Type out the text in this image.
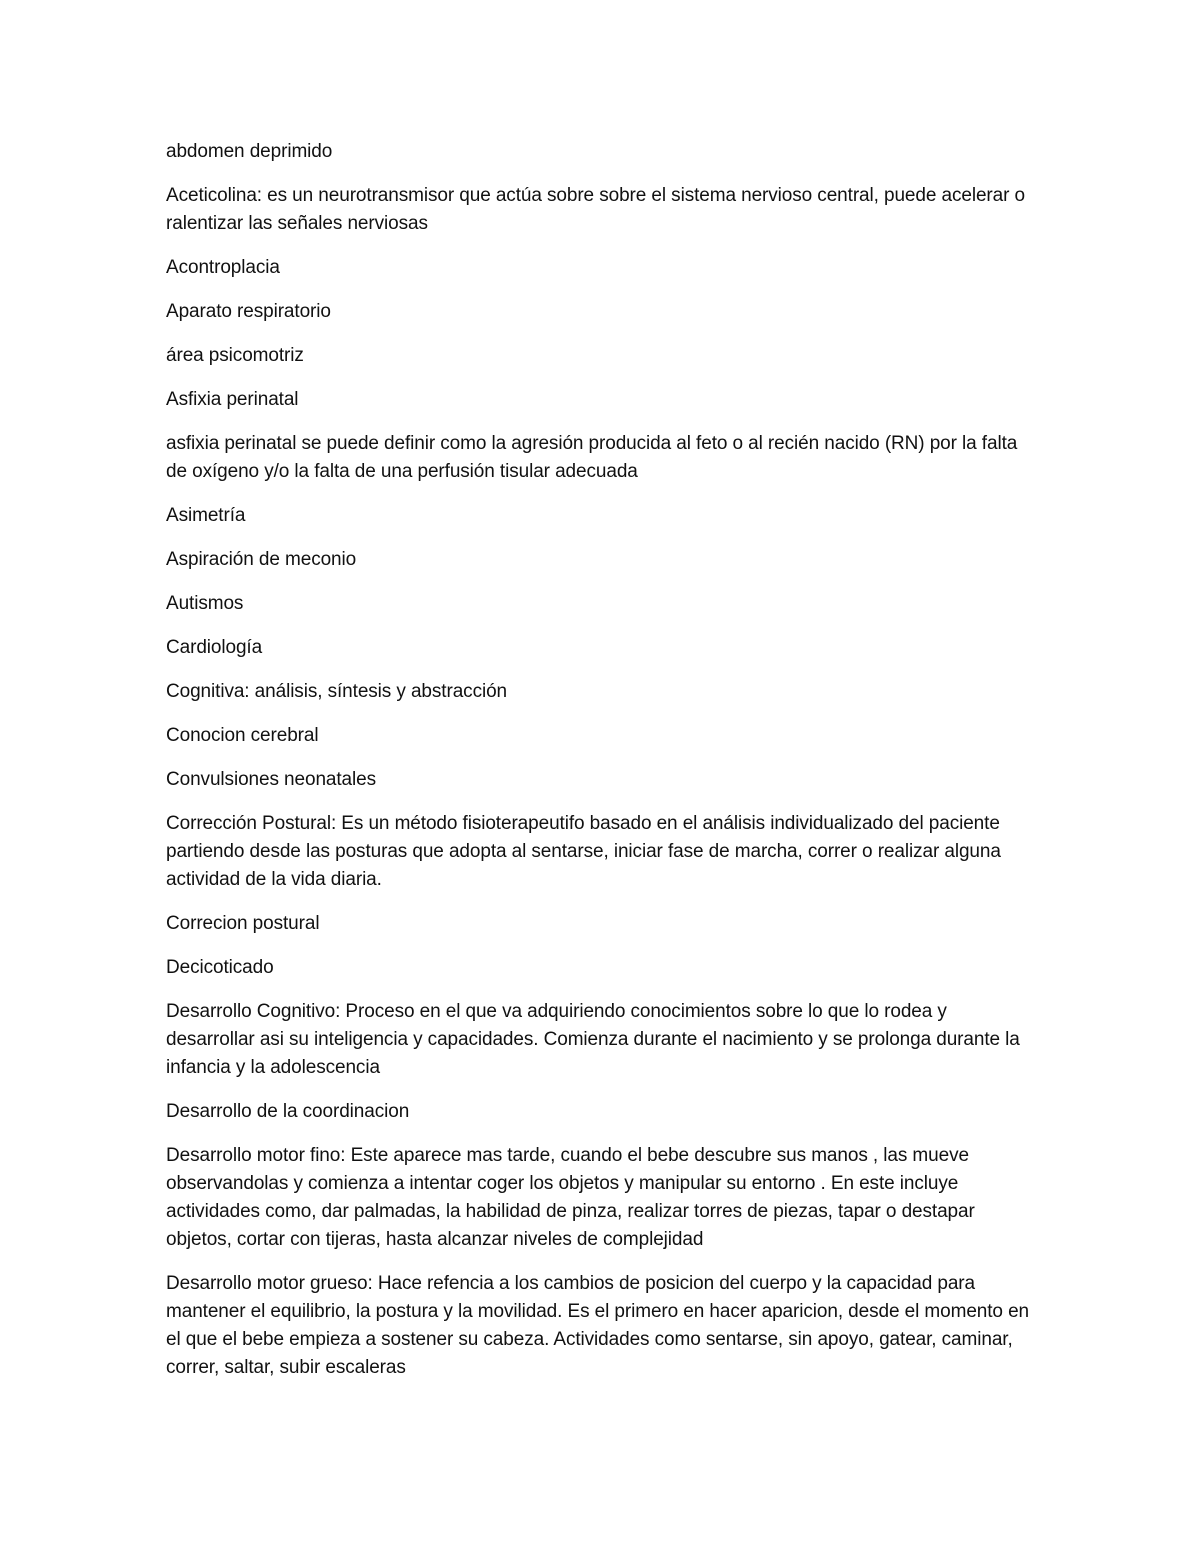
abdomen deprimido

Aceticolina: es un neurotransmisor que actúa sobre sobre el sistema nervioso central, puede acelerar o ralentizar las señales nerviosas

Acontroplacia

Aparato respiratorio

área psicomotriz

Asfixia perinatal

asfixia perinatal se puede definir como la agresión producida al feto o al recién nacido (RN) por la falta de oxígeno y/o la falta de una perfusión tisular adecuada

Asimetría

Aspiración de meconio

Autismos

Cardiología

Cognitiva: análisis, síntesis y abstracción

Conocion cerebral

Convulsiones neonatales

Corrección Postural: Es un método fisioterapeutifo basado en el análisis individualizado del paciente partiendo desde las posturas que adopta al sentarse, iniciar fase de marcha, correr o realizar alguna actividad de la vida diaria.

Correcion postural

Decicoticado

Desarrollo Cognitivo: Proceso en el que va adquiriendo conocimientos sobre lo que lo rodea y desarrollar asi su inteligencia y capacidades. Comienza durante el nacimiento y se prolonga durante la infancia y la adolescencia

Desarrollo de la coordinacion

Desarrollo motor fino: Este aparece mas tarde, cuando el bebe descubre sus manos , las mueve observandolas y comienza a intentar coger los objetos y manipular su entorno . En este incluye actividades como, dar palmadas, la habilidad de pinza, realizar torres de piezas, tapar o destapar objetos, cortar con tijeras, hasta alcanzar niveles de complejidad

Desarrollo motor grueso: Hace refencia a los cambios de posicion del cuerpo y la capacidad para mantener el equilibrio, la postura y la movilidad. Es el primero en hacer aparicion, desde el momento en el que el bebe empieza a sostener su cabeza. Actividades como sentarse, sin apoyo, gatear, caminar, correr, saltar, subir escaleras
